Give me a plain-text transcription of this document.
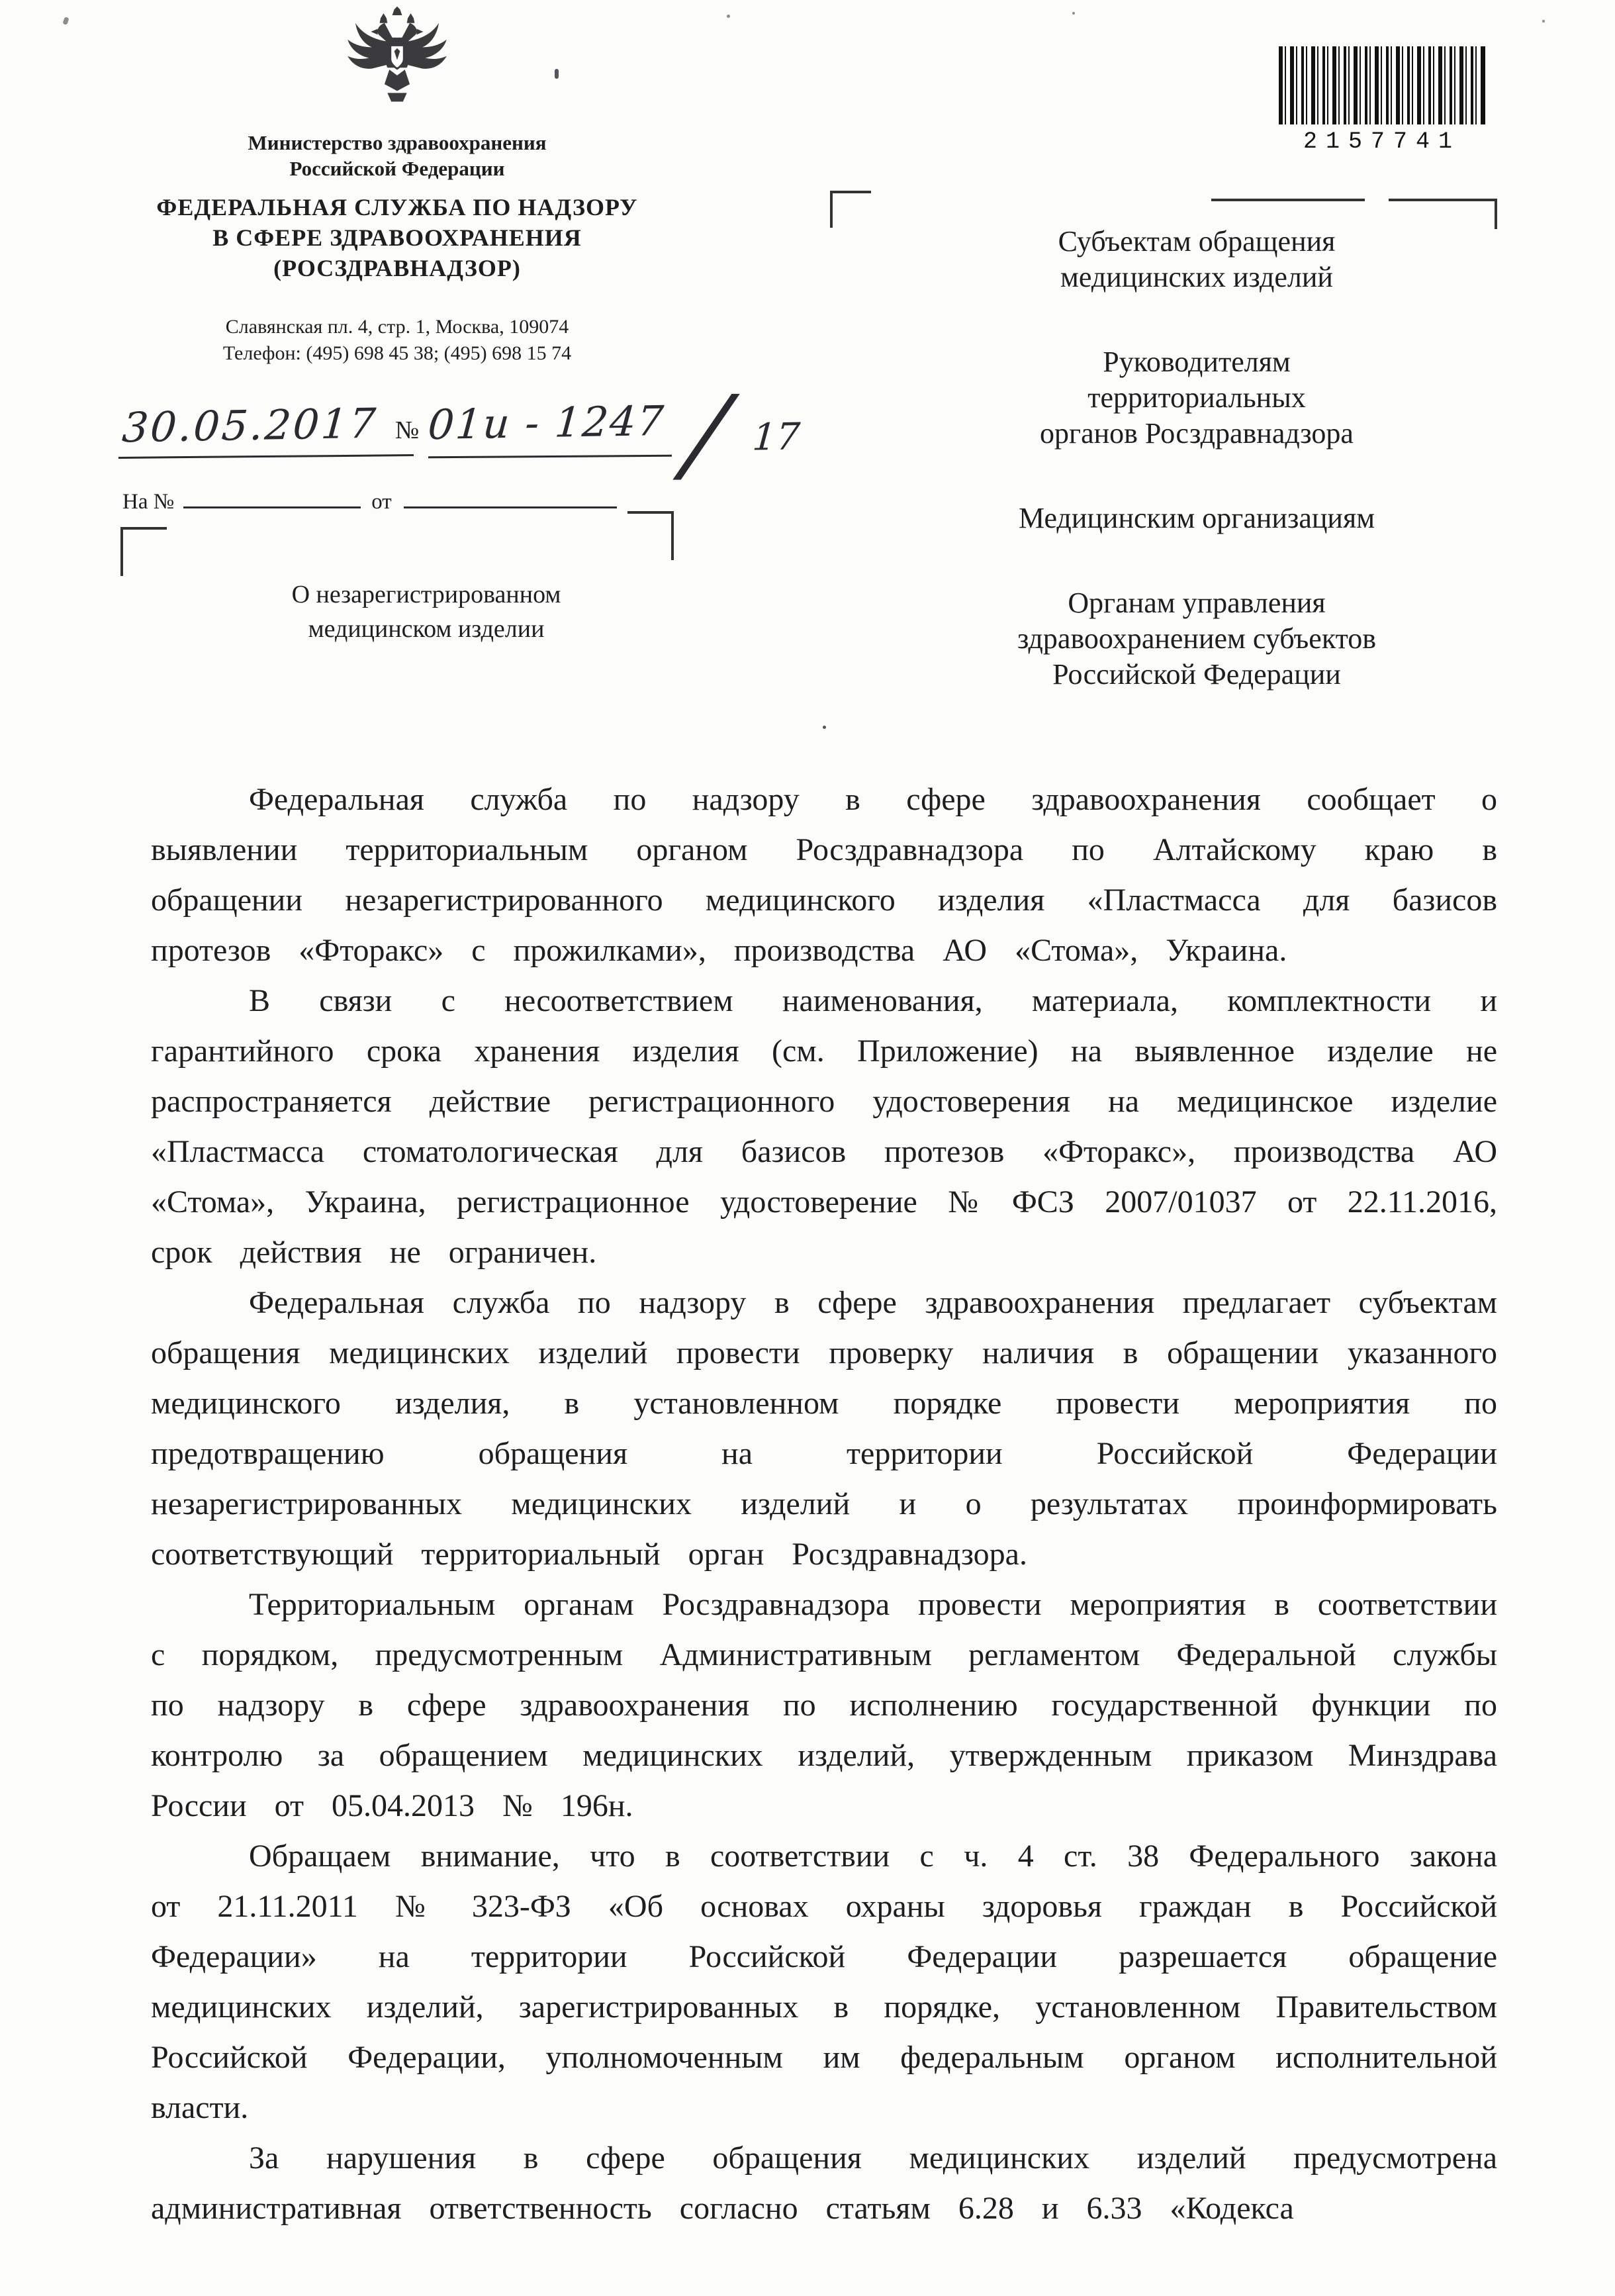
Министерство здравоохранения
Российской Федерации
ФЕДЕРАЛЬНАЯ СЛУЖБА ПО НАДЗОРУ
В СФЕРЕ ЗДРАВООХРАНЕНИЯ
(РОСЗДРАВНАДЗОР)
Славянская пл. 4, стр. 1, Москва, 109074
Телефон: (495) 698 45 38; (495) 698 15 74
30.05.2017 № 01и - 1247 / 17
На №	от
О незарегистрированном
медицинском изделии
2157741
Субъектам обращения
медицинских изделий
Руководителям
территориальных
органов Росздравнадзора
Медицинским организациям
Органам управления
здравоохранением субъектов
Российской Федерации

Федеральная служба по надзору в сфере здравоохранения сообщает о выявлении территориальным органом Росздравнадзора по Алтайскому краю в обращении незарегистрированного медицинского изделия «Пластмасса для базисов протезов «Фторакс» с прожилками», производства АО «Стома», Украина.

В связи с несоответствием наименования, материала, комплектности и гарантийного срока хранения изделия (см. Приложение) на выявленное изделие не распространяется действие регистрационного удостоверения на медицинское изделие «Пластмасса стоматологическая для базисов протезов «Фторакс», производства АО «Стома», Украина, регистрационное удостоверение № ФСЗ 2007/01037 от 22.11.2016, срок действия не ограничен.

Федеральная служба по надзору в сфере здравоохранения предлагает субъектам обращения медицинских изделий провести проверку наличия в обращении указанного медицинского изделия, в установленном порядке провести мероприятия по предотвращению обращения на территории Российской Федерации незарегистрированных медицинских изделий и о результатах проинформировать соответствующий территориальный орган Росздравнадзора.

Территориальным органам Росздравнадзора провести мероприятия в соответствии с порядком, предусмотренным Административным регламентом Федеральной службы по надзору в сфере здравоохранения по исполнению государственной функции по контролю за обращением медицинских изделий, утвержденным приказом Минздрава России от 05.04.2013 № 196н.

Обращаем внимание, что в соответствии с ч. 4 ст. 38 Федерального закона от 21.11.2011 № 323-ФЗ «Об основах охраны здоровья граждан в Российской Федерации» на территории Российской Федерации разрешается обращение медицинских изделий, зарегистрированных в порядке, установленном Правительством Российской Федерации, уполномоченным им федеральным органом исполнительной власти.

За нарушения в сфере обращения медицинских изделий предусмотрена административная ответственность согласно статьям 6.28 и 6.33 «Кодекса
